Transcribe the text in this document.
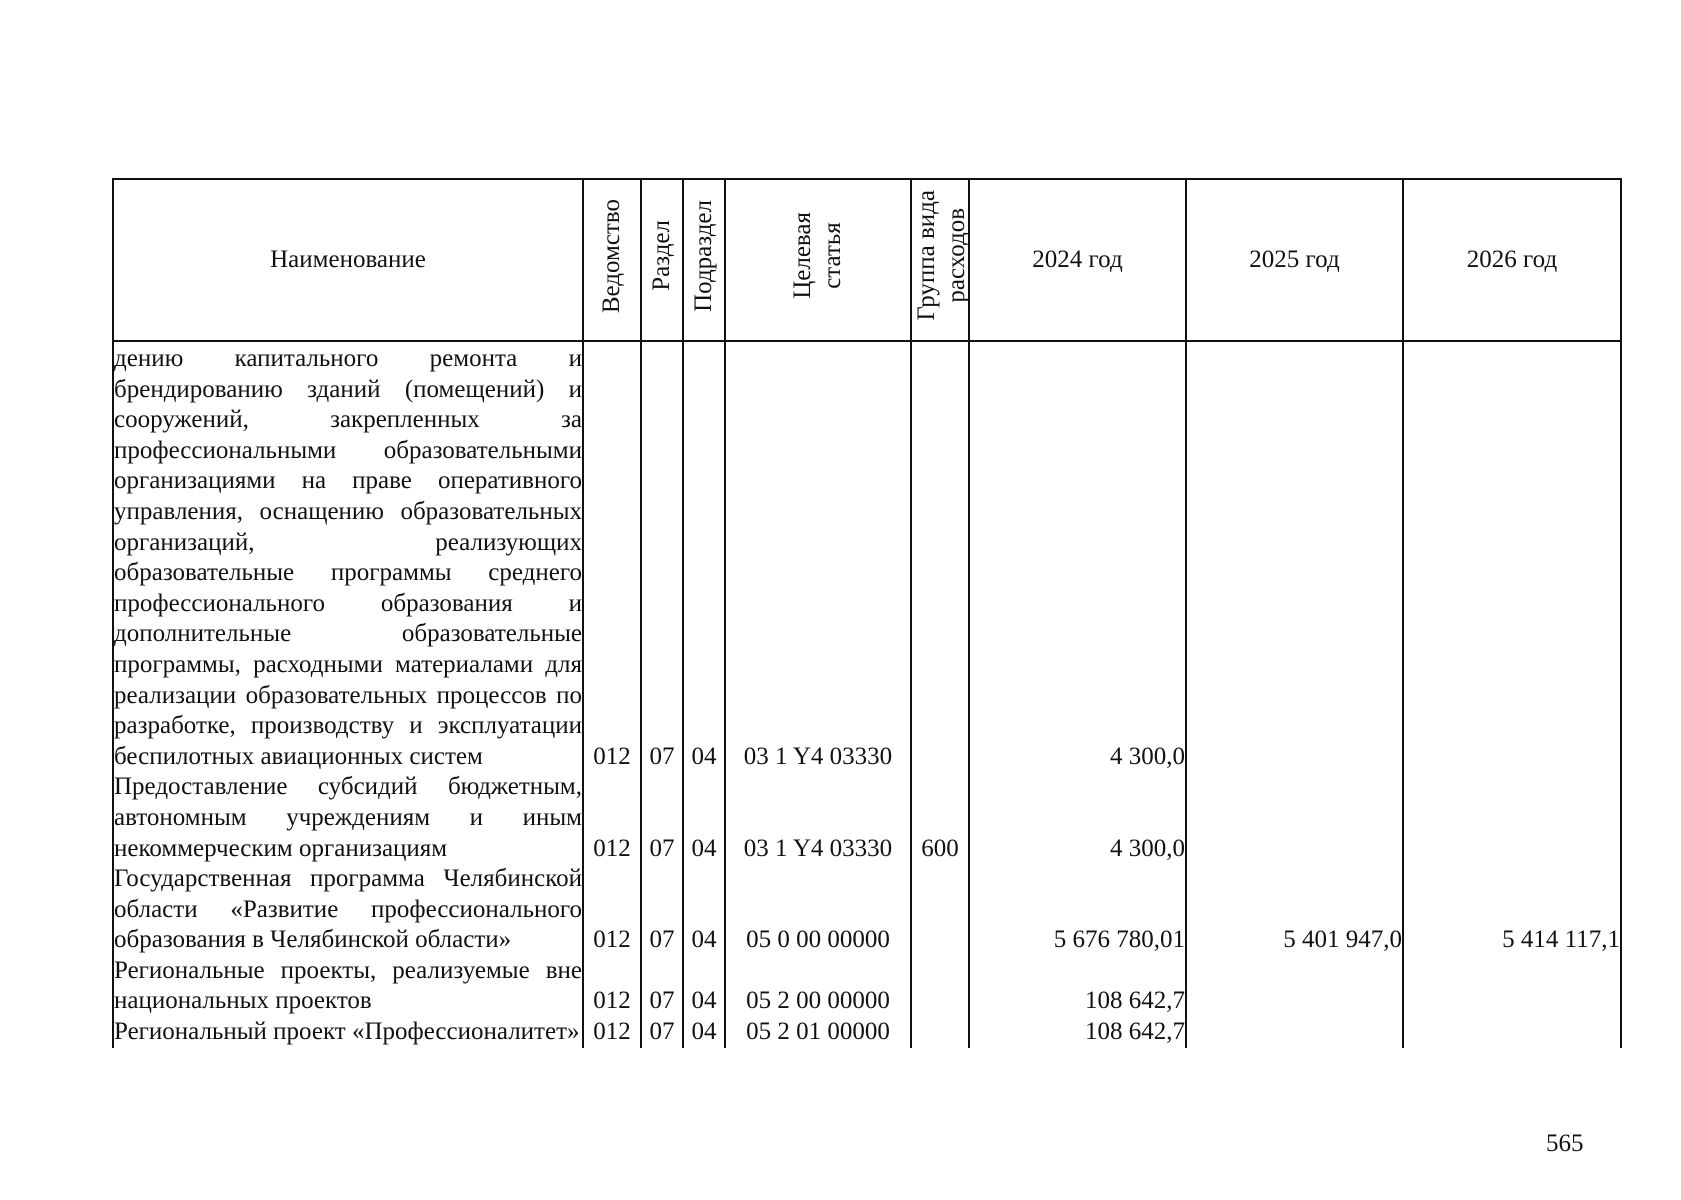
Наименование	Ведомство	Раздел	Подраздел	Целевая статья	Группа вида расходов	2024 год	2025 год	2026 год
дению капитального ремонта и брендированию зданий (помещений) и сооружений, закрепленных за профессиональными образовательными организациями на праве оперативного управления, оснащению образовательных организаций, реализующих образовательные программы среднего профессионального образования и дополнительные образовательные программы, расходными материалами для реализации образовательных процессов по разработке, производству и эксплуатации беспилотных авиационных систем	012	07	04	03 1 Y4 03330		4 300,0		
Предоставление субсидий бюджетным, автономным учреждениям и иным некоммерческим организациям	012	07	04	03 1 Y4 03330	600	4 300,0		
Государственная программа Челябинской области «Развитие профессионального образования в Челябинской области»	012	07	04	05 0 00 00000		5 676 780,01	5 401 947,0	5 414 117,1
Региональные проекты, реализуемые вне национальных проектов	012	07	04	05 2 00 00000		108 642,7		
Региональный проект «Профессионалитет»	012	07	04	05 2 01 00000		108 642,7		
565
